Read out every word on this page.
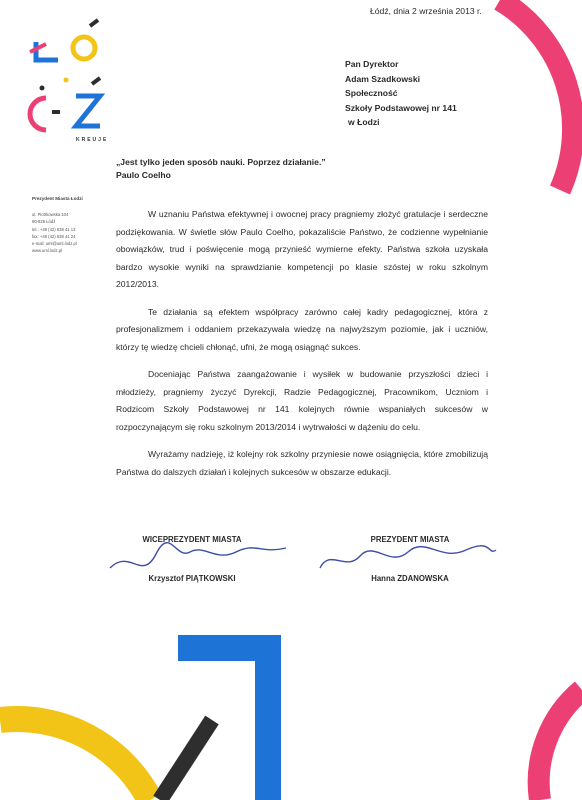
KREUJE
Łódź, dnia 2 września 2013 r.
Pan Dyrektor
Adam Szadkowski
Społeczność
Szkoły Podstawowej nr 141
w Łodzi
„Jest tylko jeden sposób nauki. Poprzez działanie.”
Paulo Coelho
Prezydent Miasta Łodzi
ul. Piotrkowska 104
90-926 Łódź
tel.: +48 (42) 638 41 13
fax: +48 (42) 638 41 24
e-mail: uml@uml.lodz.pl
www.uml.lodz.pl

W uznaniu Państwa efektywnej i owocnej pracy pragniemy złożyć gratulacje i serdeczne podziękowania. W świetle słów Paulo Coelho, pokazaliście Państwo, że codzienne wypełnianie obowiązków, trud i poświęcenie mogą przynieść wymierne efekty. Państwa szkoła uzyskała bardzo wysokie wyniki na sprawdzianie kompetencji po klasie szóstej w roku szkolnym 2012/2013.

Te działania są efektem współpracy zarówno całej kadry pedagogicznej, która z profesjonalizmem i oddaniem przekazywała wiedzę na najwyższym poziomie, jak i uczniów, którzy tę wiedzę chcieli chłonąć, ufni, że mogą osiągnąć sukces.

Doceniając Państwa zaangażowanie i wysiłek w budowanie przyszłości dzieci i młodzieży, pragniemy życzyć Dyrekcji, Radzie Pedagogicznej, Pracownikom, Uczniom i Rodzicom Szkoły Podstawowej nr 141 kolejnych równie wspaniałych sukcesów w rozpoczynającym się roku szkolnym 2013/2014 i wytrwałości w dążeniu do celu.

Wyrażamy nadzieję, iż kolejny rok szkolny przyniesie nowe osiągnięcia, które zmobilizują Państwa do dalszych działań i kolejnych sukcesów w obszarze edukacji.

WICEPREZYDENT MIASTA
Krzysztof PIĄTKOWSKI
PREZYDENT MIASTA
Hanna ZDANOWSKA
